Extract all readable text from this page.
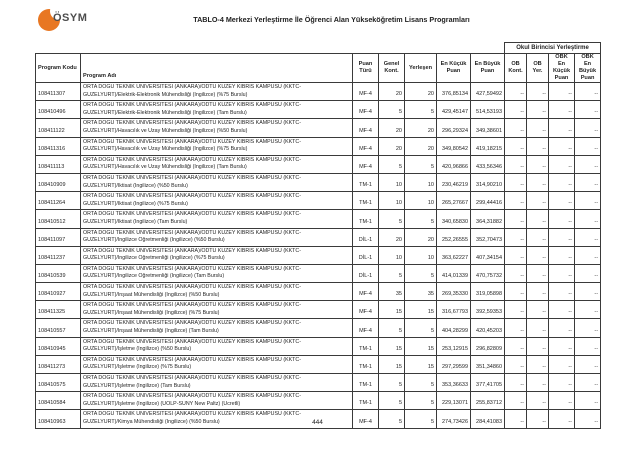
ÖSYM	TABLO-4 Merkezi Yerleştirme İle Öğrenci Alan Yükseköğretim Lisans Programları
							Okul Birincisi Yerleştirme			
Program Kodu	Program Adı	Puan Türü	Genel Kont.	Yerleşen	En Küçük Puan	En Büyük Puan	OB Kont.	OB Yer.	OBK En Küçük Puan	OBK En Büyük Puan
108411307	ORTA DOĞU TEKNİK ÜNİVERSİTESİ (ANKARA)/ODTÜ KUZEY KIBRIS KAMPUSU (KKTC-
GÜZELYURT)/Elektrik-Elektronik Mühendisliği (İngilizce) (%75 Burslu)	MF-4	20	20	376,85134	427,59492	--	--	--	--
108410496	ORTA DOĞU TEKNİK ÜNİVERSİTESİ (ANKARA)/ODTÜ KUZEY KIBRIS KAMPUSU (KKTC-
GÜZELYURT)/Elektrik-Elektronik Mühendisliği (İngilizce) (Tam Burslu)	MF-4	5	5	429,45147	514,53193	--	--	--	--
108411122	ORTA DOĞU TEKNİK ÜNİVERSİTESİ (ANKARA)/ODTÜ KUZEY KIBRIS KAMPUSU (KKTC-
GÜZELYURT)/Havacılık ve Uzay Mühendisliği (İngilizce) (%50 Burslu)	MF-4	20	20	296,29324	349,38601	--	--	--	--
108411316	ORTA DOĞU TEKNİK ÜNİVERSİTESİ (ANKARA)/ODTÜ KUZEY KIBRIS KAMPUSU (KKTC-
GÜZELYURT)/Havacılık ve Uzay Mühendisliği (İngilizce) (%75 Burslu)	MF-4	20	20	349,80542	419,18215	--	--	--	--
108411113	ORTA DOĞU TEKNİK ÜNİVERSİTESİ (ANKARA)/ODTÜ KUZEY KIBRIS KAMPUSU (KKTC-
GÜZELYURT)/Havacılık ve Uzay Mühendisliği (İngilizce) (Tam Burslu)	MF-4	5	5	420,96866	433,56346	--	--	--	--
108410909	ORTA DOĞU TEKNİK ÜNİVERSİTESİ (ANKARA)/ODTÜ KUZEY KIBRIS KAMPUSU (KKTC-
GÜZELYURT)/İktisat (İngilizce) (%50 Burslu)	TM-1	10	10	230,46219	314,90210	--	--	--	--
108411264	ORTA DOĞU TEKNİK ÜNİVERSİTESİ (ANKARA)/ODTÜ KUZEY KIBRIS KAMPUSU (KKTC-
GÜZELYURT)/İktisat (İngilizce) (%75 Burslu)	TM-1	10	10	265,27667	299,44416	--	--	--	--
108410512	ORTA DOĞU TEKNİK ÜNİVERSİTESİ (ANKARA)/ODTÜ KUZEY KIBRIS KAMPUSU (KKTC-
GÜZELYURT)/İktisat (İngilizce) (Tam Burslu)	TM-1	5	5	340,65830	364,31882	--	--	--	--
108411097	ORTA DOĞU TEKNİK ÜNİVERSİTESİ (ANKARA)/ODTÜ KUZEY KIBRIS KAMPUSU (KKTC-
GÜZELYURT)/İngilizce Öğretmenliği (İngilizce) (%50 Burslu)	DİL-1	20	20	252,26555	352,70473	--	--	--	--
108411237	ORTA DOĞU TEKNİK ÜNİVERSİTESİ (ANKARA)/ODTÜ KUZEY KIBRIS KAMPUSU (KKTC-
GÜZELYURT)/İngilizce Öğretmenliği (İngilizce) (%75 Burslu)	DİL-1	10	10	363,62227	407,34154	--	--	--	--
108410539	ORTA DOĞU TEKNİK ÜNİVERSİTESİ (ANKARA)/ODTÜ KUZEY KIBRIS KAMPUSU (KKTC-
GÜZELYURT)/İngilizce Öğretmenliği (İngilizce) (Tam Burslu)	DİL-1	5	5	414,01339	470,75732	--	--	--	--
108410927	ORTA DOĞU TEKNİK ÜNİVERSİTESİ (ANKARA)/ODTÜ KUZEY KIBRIS KAMPUSU (KKTC-
GÜZELYURT)/İnşaat Mühendisliği (İngilizce) (%50 Burslu)	MF-4	35	35	269,35330	319,05898	--	--	--	--
108411325	ORTA DOĞU TEKNİK ÜNİVERSİTESİ (ANKARA)/ODTÜ KUZEY KIBRIS KAMPUSU (KKTC-
GÜZELYURT)/İnşaat Mühendisliği (İngilizce) (%75 Burslu)	MF-4	15	15	316,67793	392,59353	--	--	--	--
108410557	ORTA DOĞU TEKNİK ÜNİVERSİTESİ (ANKARA)/ODTÜ KUZEY KIBRIS KAMPUSU (KKTC-
GÜZELYURT)/İnşaat Mühendisliği (İngilizce) (Tam Burslu)	MF-4	5	5	404,28299	420,45203	--	--	--	--
108410945	ORTA DOĞU TEKNİK ÜNİVERSİTESİ (ANKARA)/ODTÜ KUZEY KIBRIS KAMPUSU (KKTC-
GÜZELYURT)/İşletme (İngilizce) (%50 Burslu)	TM-1	15	15	253,12915	296,82809	--	--	--	--
108411273	ORTA DOĞU TEKNİK ÜNİVERSİTESİ (ANKARA)/ODTÜ KUZEY KIBRIS KAMPUSU (KKTC-
GÜZELYURT)/İşletme (İngilizce) (%75 Burslu)	TM-1	15	15	297,29599	351,34860	--	--	--	--
108410575	ORTA DOĞU TEKNİK ÜNİVERSİTESİ (ANKARA)/ODTÜ KUZEY KIBRIS KAMPUSU (KKTC-
GÜZELYURT)/İşletme (İngilizce) (Tam Burslu)	TM-1	5	5	353,36633	377,41705	--	--	--	--
108410584	ORTA DOĞU TEKNİK ÜNİVERSİTESİ (ANKARA)/ODTÜ KUZEY KIBRIS KAMPUSU (KKTC-
GÜZELYURT)/İşletme (İngilizce) (UOLP-SUNY New Paltz) (Ücretli)	TM-1	5	5	229,13071	255,83712	--	--	--	--
108410963	ORTA DOĞU TEKNİK ÜNİVERSİTESİ (ANKARA)/ODTÜ KUZEY KIBRIS KAMPUSU (KKTC-
GÜZELYURT)/Kimya Mühendisliği (İngilizce) (%50 Burslu)	MF-4	5	5	274,73426	284,41083	--	--	--	--
444
